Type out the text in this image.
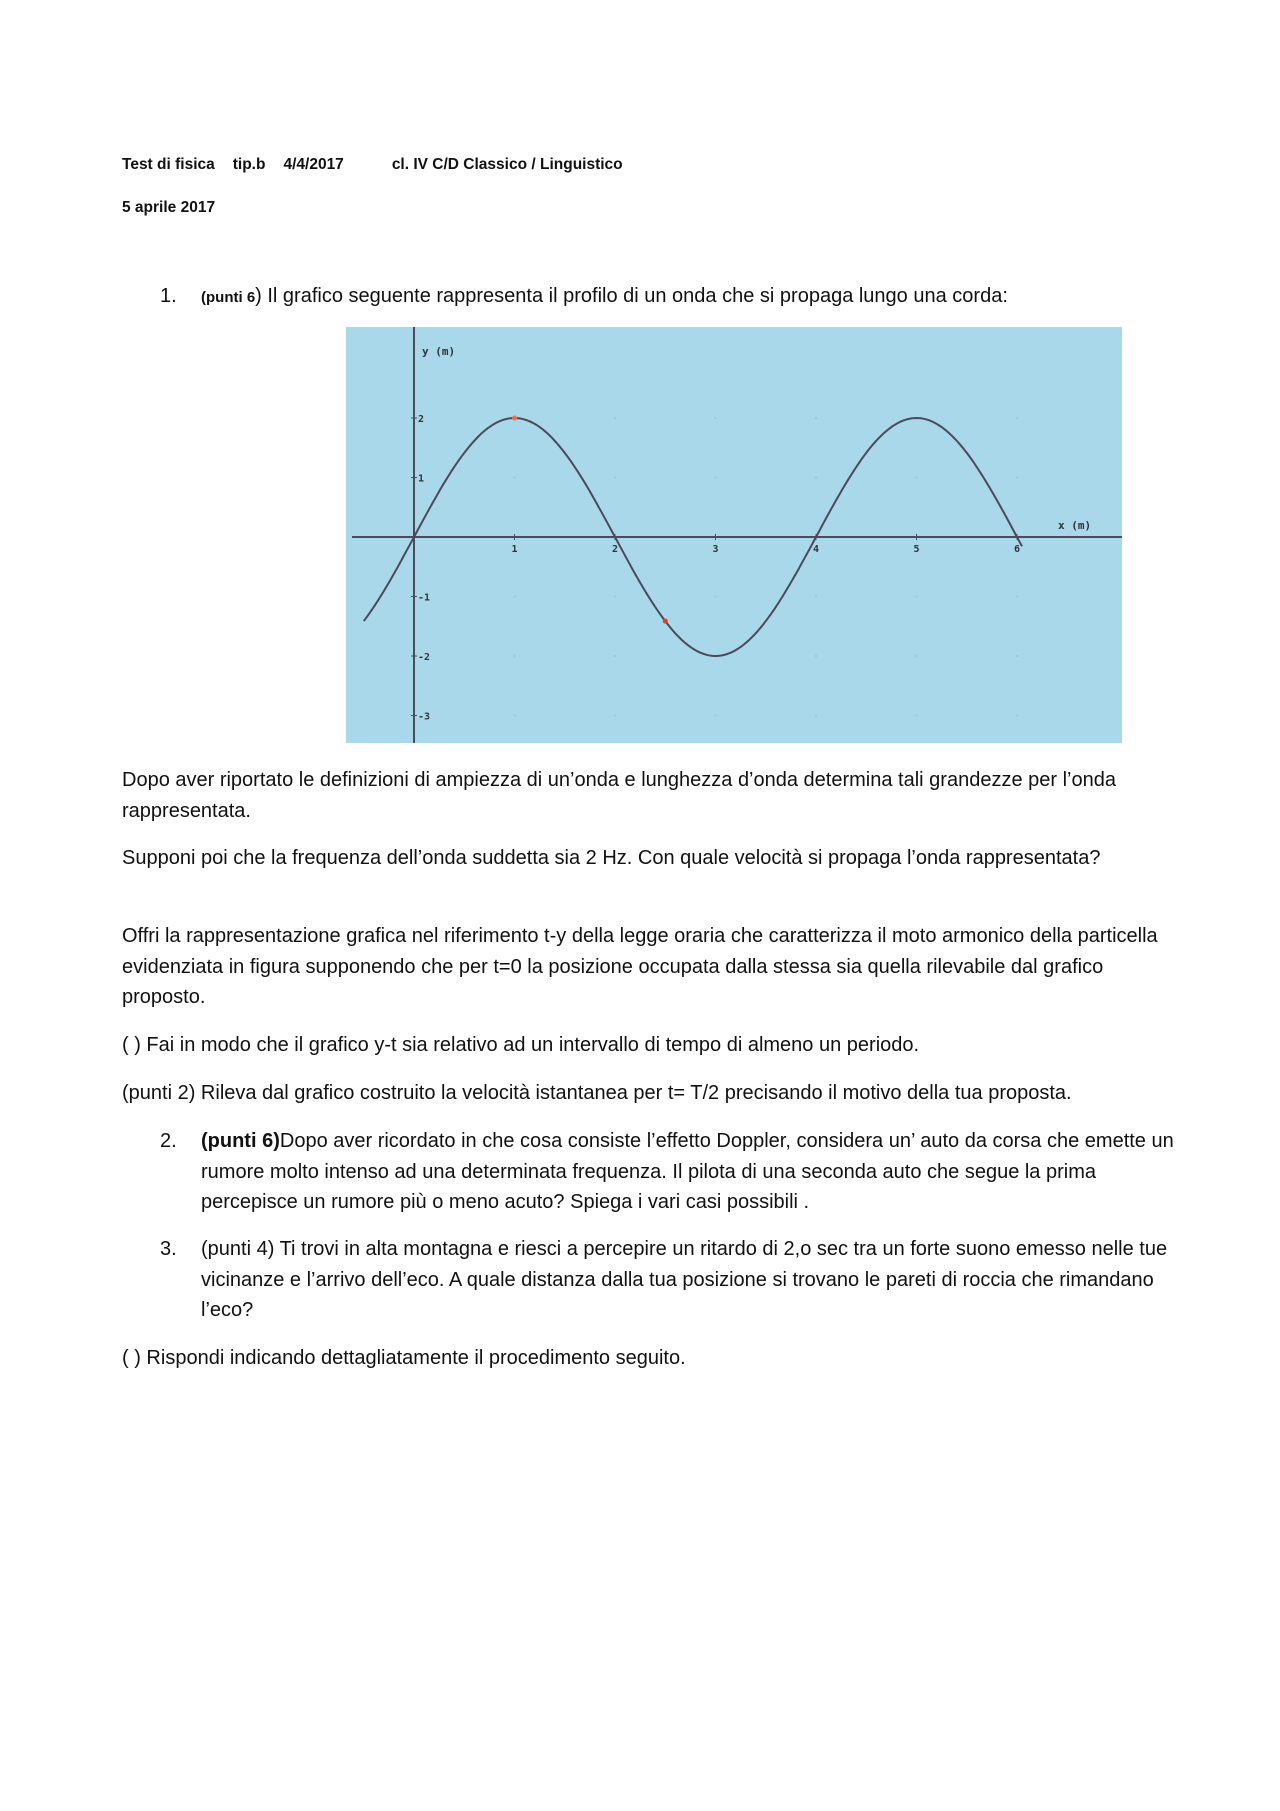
Test di fisica tip.b 4/4/2017	cl. IV C/D Classico / Linguistico
5 aprile 2017
1. (punti 6) Il grafico seguente rappresenta il profilo di un onda che si propaga lungo una corda:
y (m)
x (m)
1	2	3	4	5	6
2
1
-1
-2
-3
Dopo aver riportato le definizioni di ampiezza di un’onda e lunghezza d’onda determina tali grandezze per l’onda rappresentata.
Supponi poi che la frequenza dell’onda suddetta sia 2 Hz. Con quale velocità si propaga l’onda rappresentata?
Offri la rappresentazione grafica nel riferimento t-y della legge oraria che caratterizza il moto armonico della particella evidenziata in figura supponendo che per t=0 la posizione occupata dalla stessa sia quella rilevabile dal grafico proposto.
( ) Fai in modo che il grafico y-t sia relativo ad un intervallo di tempo di almeno un periodo.
(punti 2) Rileva dal grafico costruito la velocità istantanea per t= T/2 precisando il motivo della tua proposta.
2. (punti 6)Dopo aver ricordato in che cosa consiste l’effetto Doppler, considera un’ auto da corsa che emette un rumore molto intenso ad una determinata frequenza. Il pilota di una seconda auto che segue la prima percepisce un rumore più o meno acuto? Spiega i vari casi possibili .
3. (punti 4) Ti trovi in alta montagna e riesci a percepire un ritardo di 2,o sec tra un forte suono emesso nelle tue vicinanze e l’arrivo dell’eco. A quale distanza dalla tua posizione si trovano le pareti di roccia che rimandano l’eco?
( ) Rispondi indicando dettagliatamente il procedimento seguito.
